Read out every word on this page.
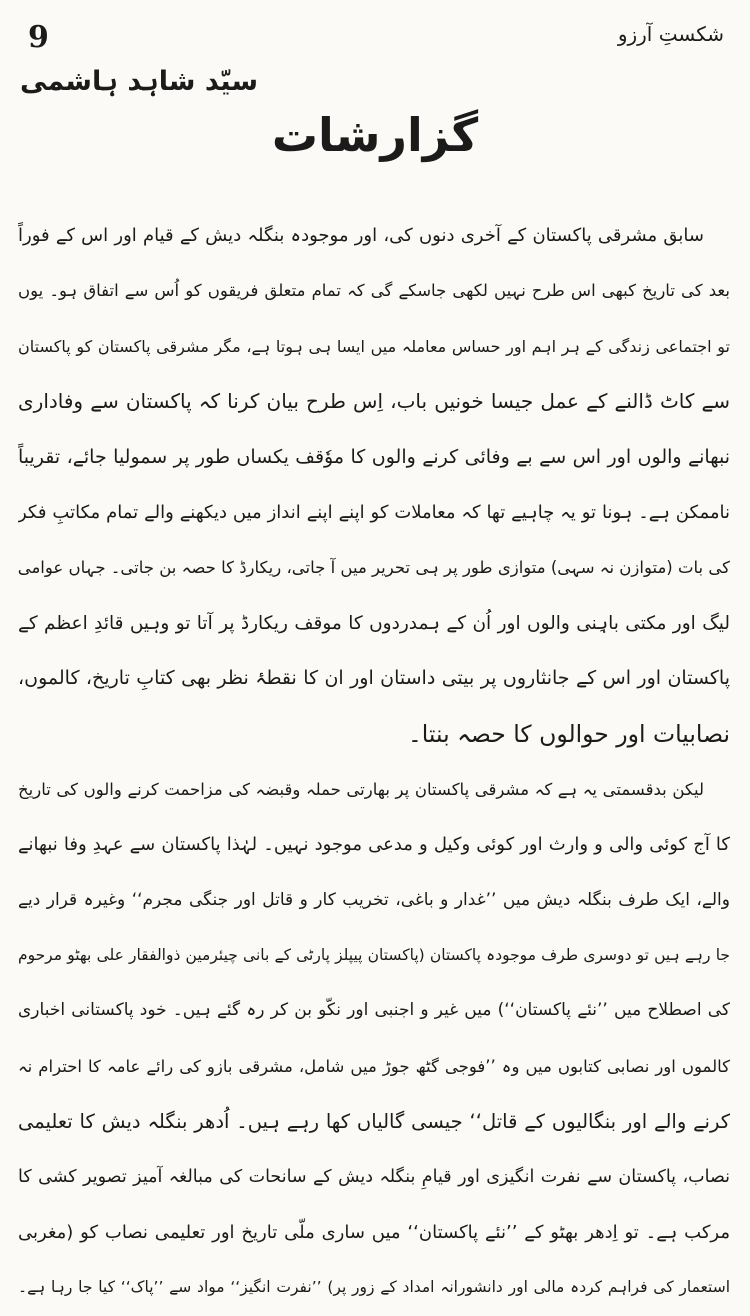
9	شکستِ آرزو
سیّد شاہد ہاشمی
گزارشات
سابق مشرقی پاکستان کے آخری دنوں کی، اور موجودہ بنگلہ دیش کے قیام اور اس کے فوراً
بعد کی تاریخ کبھی اس طرح نہیں لکھی جاسکے گی کہ تمام متعلق فریقوں کو اُس سے اتفاق ہو۔ یوں
تو اجتماعی زندگی کے ہر اہم اور حساس معاملہ میں ایسا ہی ہوتا ہے، مگر مشرقی پاکستان کو پاکستان
سے کاٹ ڈالنے کے عمل جیسا خونیں باب، اِس طرح بیان کرنا کہ پاکستان سے وفاداری
نبھانے والوں اور اس سے بے وفائی کرنے والوں کا موٗقف یکساں طور پر سمولیا جائے، تقریباً
ناممکن ہے۔ ہونا تو یہ چاہیے تھا کہ معاملات کو اپنے اپنے انداز میں دیکھنے والے تمام مکاتبِ فکر
کی بات (متوازن نہ سہی) متوازی طور پر ہی تحریر میں آ جاتی، ریکارڈ کا حصہ بن جاتی۔ جہاں عوامی
لیگ اور مکتی باہِنی والوں اور اُن کے ہمدردوں کا موقف ریکارڈ پر آتا تو وہیں قائدِ اعظم کے
پاکستان اور اس کے جانثاروں پر بیتی داستان اور ان کا نقطۂ نظر بھی کتابِ تاریخ، کالموں،
نصابیات اور حوالوں کا حصہ بنتا۔
لیکن بدقسمتی یہ ہے کہ مشرقی پاکستان پر بھارتی حملہ وقبضہ کی مزاحمت کرنے والوں کی تاریخ
کا آج کوئی والی و وارث اور کوئی وکیل و مدعی موجود نہیں۔ لہٰذا پاکستان سے عہدِ وفا نبھانے
والے، ایک طرف بنگلہ دیش میں ’’غدار و باغی، تخریب کار و قاتل اور جنگی مجرم‘‘ وغیرہ قرار دیے
جا رہے ہیں تو دوسری طرف موجودہ پاکستان (پاکستان پیپلز پارٹی کے بانی چیئرمین ذوالفقار علی بھٹو مرحوم
کی اصطلاح میں ’’نئے پاکستان‘‘) میں غیر و اجنبی اور نکّو بن کر رہ گئے ہیں۔ خود پاکستانی اخباری
کالموں اور نصابی کتابوں میں وہ ’’فوجی گٹھ جوڑ میں شامل، مشرقی بازو کی رائے عامہ کا احترام نہ
کرنے والے اور بنگالیوں کے قاتل‘‘ جیسی گالیاں کھا رہے ہیں۔ اُدھر بنگلہ دیش کا تعلیمی
نصاب، پاکستان سے نفرت انگیزی اور قیامِ بنگلہ دیش کے سانحات کی مبالغہ آمیز تصویر کشی کا
مرکب ہے۔ تو اِدھر بھٹو کے ’’نئے پاکستان‘‘ میں ساری ملّی تاریخ اور تعلیمی نصاب کو (مغربی
استعمار کی فراہم کردہ مالی اور دانشورانہ امداد کے زور پر) ’’نفرت انگیز‘‘ مواد سے ’’پاک‘‘ کیا جا رہا ہے۔
